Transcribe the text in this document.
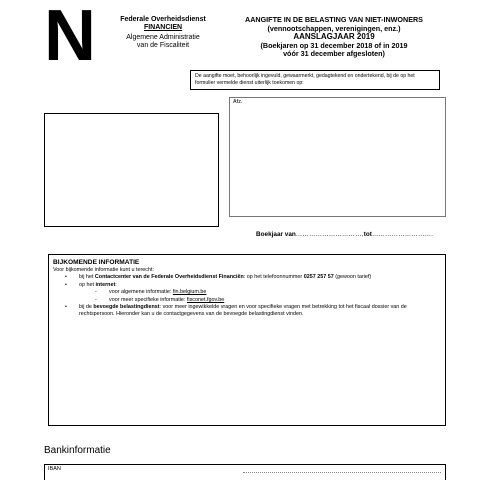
N	Federale Overheidsdienst
FINANCIEN
Algemene Administratie
van de Fiscaliteit
AANGIFTE IN DE BELASTING VAN NIET-INWONERS
(vennootschappen, verenigingen, enz.)
AANSLAGJAAR 2019
(Boekjaren op 31 december 2018 of in 2019
vóór 31 december afgesloten)
De aangifte moet, behoorlijk ingevuld, gewaarmerkt, gedagtekend en ondertekend, bij de op het formulier vermelde dienst uiterlijk toekomen op:
Afz.
Boekjaar van………………………….tot……………………….
BIJKOMENDE INFORMATIE
Voor bijkomende informatie kunt u terecht:
• bij het Contactcenter van de Federale Overheidsdienst Financiën: op het telefoonnummer 0257 257 57 (gewoon tarief)
• op het internet:
- voor algemene informatie: fin.belgium.be
- voor meer specifieke informatie: fisconet.fgov.be
• bij de bevoegde belastingdienst: voor meer ingewikkelde vragen en voor specifieke vragen met betrekking tot het fiscaal dossier van de rechtspersoon. Hieronder kan u de contactgegevens van de bevoegde belastingdienst vinden.
Bankinformatie
IBAN
